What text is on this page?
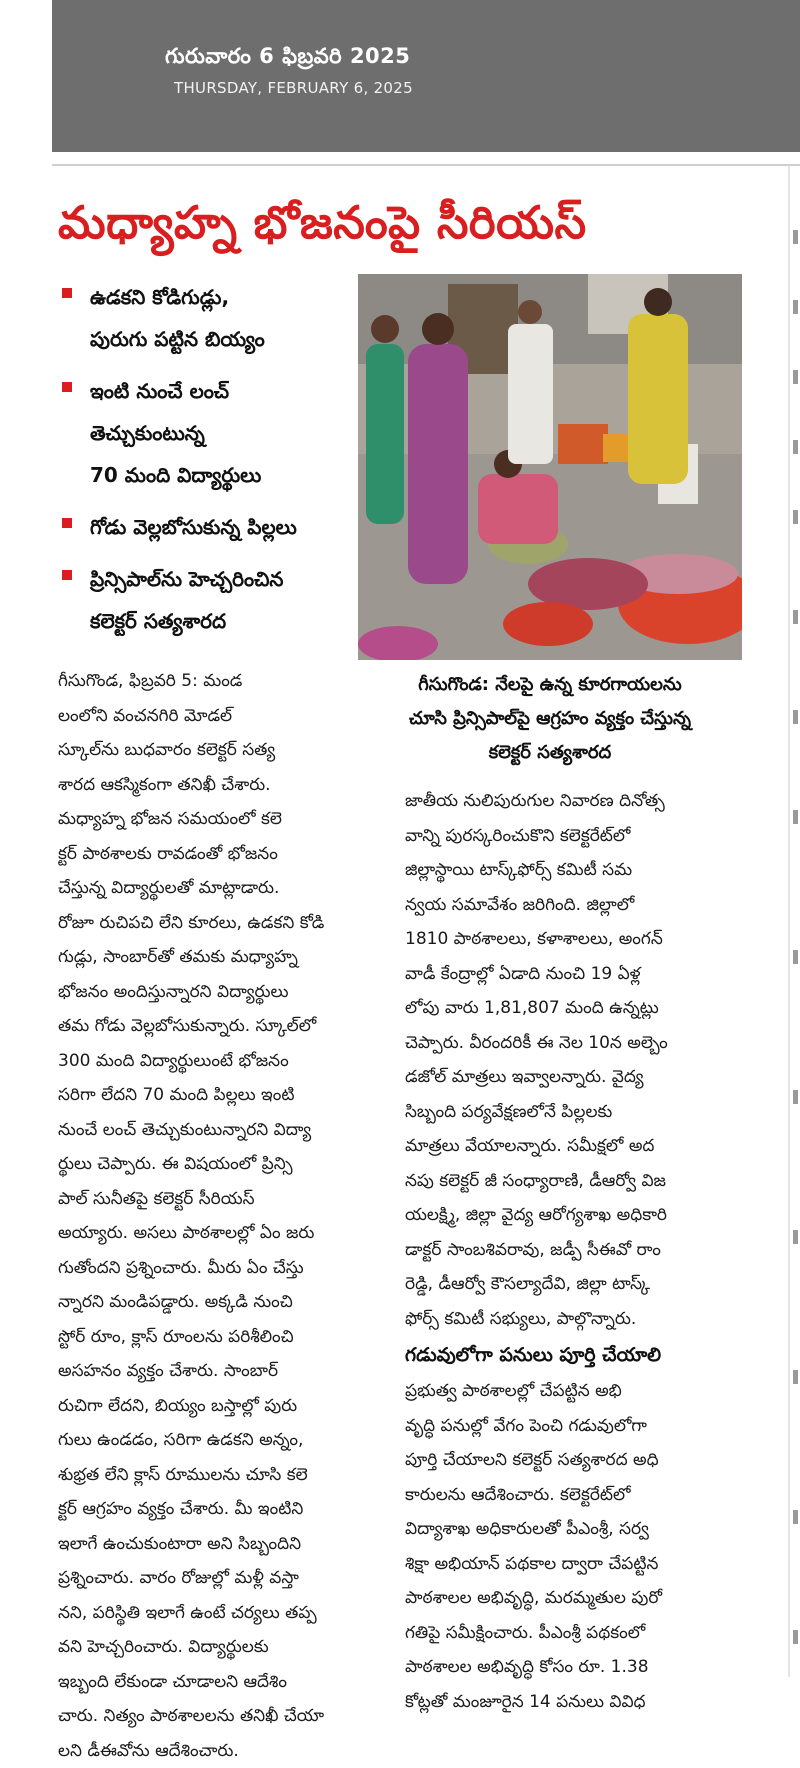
గురువారం 6 ఫిబ్రవరి 2025
THURSDAY, FEBRUARY 6, 2025
మధ్యాహ్న భోజనంపై సీరియస్
ఉడకని కోడిగుడ్లు,
పురుగు పట్టిన బియ్యం
ఇంటి నుంచే లంచ్
తెచ్చుకుంటున్న
70 మంది విద్యార్థులు
గోడు వెల్లబోసుకున్న పిల్లలు
ప్రిన్సిపాల్‌ను హెచ్చరించిన
కలెక్టర్ సత్యశారద
గీసుగొండ: నేలపై ఉన్న కూరగాయలను
చూసి ప్రిన్సిపాల్‌పై ఆగ్రహం వ్యక్తం చేస్తున్న
కలెక్టర్ సత్యశారద

గీసుగొండ, ఫిబ్రవరి 5: మండ
లంలోని వంచనగిరి మోడల్
స్కూల్‌ను బుధవారం కలెక్టర్ సత్య
శారద ఆకస్మికంగా తనిఖీ చేశారు.
మధ్యాహ్న భోజన సమయంలో కలె
క్టర్ పాఠశాలకు రావడంతో భోజనం
చేస్తున్న విద్యార్థులతో మాట్లాడారు.
రోజూ రుచిపచి లేని కూరలు, ఉడకని కోడి
గుడ్లు, సాంబార్‌తో తమకు మధ్యాహ్న
భోజనం అందిస్తున్నారని విద్యార్థులు
తమ గోడు వెల్లబోసుకున్నారు. స్కూల్‌లో
300 మంది విద్యార్థులుంటే భోజనం
సరిగా లేదని 70 మంది పిల్లలు ఇంటి
నుంచే లంచ్ తెచ్చుకుంటున్నారని విద్యా
ర్థులు చెప్పారు. ఈ విషయంలో ప్రిన్సి
పాల్ సునీతపై కలెక్టర్ సీరియస్
అయ్యారు. అసలు పాఠశాలల్లో ఏం జరు
గుతోందని ప్రశ్నించారు. మీరు ఏం చేస్తు
న్నారని మండిపడ్డారు. అక్కడి నుంచి
స్టోర్ రూం, క్లాస్ రూంలను పరిశీలించి
అసహనం వ్యక్తం చేశారు. సాంబార్
రుచిగా లేదని, బియ్యం బస్తాల్లో పురు
గులు ఉండడం, సరిగా ఉడకని అన్నం,
శుభ్రత లేని క్లాస్ రూములను చూసి కలె
క్టర్ ఆగ్రహం వ్యక్తం చేశారు. మీ ఇంటిని
ఇలాగే ఉంచుకుంటారా అని సిబ్బందిని
ప్రశ్నించారు. వారం రోజుల్లో మళ్లీ వస్తా
నని, పరిస్థితి ఇలాగే ఉంటే చర్యలు తప్ప
వని హెచ్చరించారు. విద్యార్థులకు
ఇబ్బంది లేకుండా చూడాలని ఆదేశిం
చారు. నిత్యం పాఠశాలలను తనిఖీ చేయా
లని డీఈవోను ఆదేశించారు.

జాతీయ నులిపురుగుల నివారణ దినోత్స
వాన్ని పురస్కరించుకొని కలెక్టరేట్‌లో
జిల్లాస్థాయి టాస్క్‌ఫోర్స్ కమిటీ సమ
న్వయ సమావేశం జరిగింది. జిల్లాలో
1810 పాఠశాలలు, కళాశాలలు, అంగన్
వాడీ కేంద్రాల్లో ఏడాది నుంచి 19 ఏళ్ల
లోపు వారు 1,81,807 మంది ఉన్నట్లు
చెప్పారు. వీరందరికీ ఈ నెల 10న అల్బెం
డజోల్ మాత్రలు ఇవ్వాలన్నారు. వైద్య
సిబ్బంది పర్యవేక్షణలోనే పిల్లలకు
మాత్రలు వేయాలన్నారు. సమీక్షలో అద
నపు కలెక్టర్ జీ సంధ్యారాణి, డీఆర్వో విజ
యలక్ష్మి, జిల్లా వైద్య ఆరోగ్యశాఖ అధికారి
డాక్టర్ సాంబశివరావు, జడ్పీ సీఈవో రాం
రెడ్డి, డీఆర్వో కౌసల్యాదేవి, జిల్లా టాస్క్
ఫోర్స్ కమిటీ సభ్యులు, పాల్గొన్నారు.

గడువులోగా పనులు పూర్తి చేయాలి

ప్రభుత్వ పాఠశాలల్లో చేపట్టిన అభి
వృద్ధి పనుల్లో వేగం పెంచి గడువులోగా
పూర్తి చేయాలని కలెక్టర్ సత్యశారద అధి
కారులను ఆదేశించారు. కలెక్టరేట్‌లో
విద్యాశాఖ అధికారులతో పీఎంశ్రీ, సర్వ
శిక్షా అభియాన్ పథకాల ద్వారా చేపట్టిన
పాఠశాలల అభివృద్ధి, మరమ్మతుల పురో
గతిపై సమీక్షించారు. పీఎంశ్రీ పథకంలో
పాఠశాలల అభివృద్ధి కోసం రూ. 1.38
కోట్లతో మంజూరైన 14 పనులు వివిధ
